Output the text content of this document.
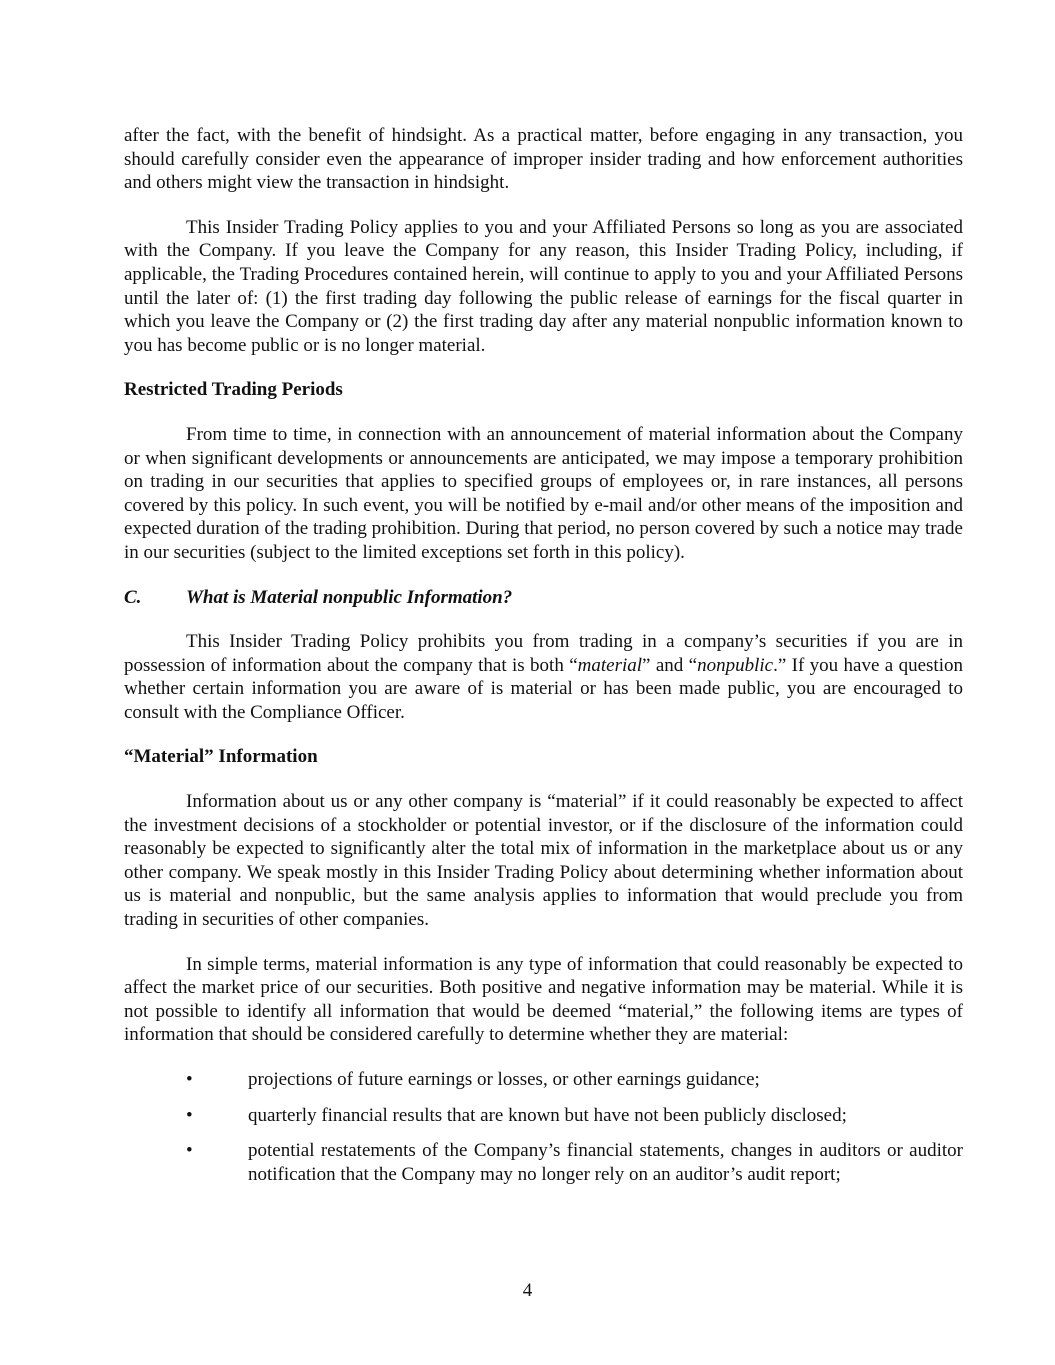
after the fact, with the benefit of hindsight. As a practical matter, before engaging in any transaction, you should carefully consider even the appearance of improper insider trading and how enforcement authorities and others might view the transaction in hindsight.

This Insider Trading Policy applies to you and your Affiliated Persons so long as you are associated with the Company. If you leave the Company for any reason, this Insider Trading Policy, including, if applicable, the Trading Procedures contained herein, will continue to apply to you and your Affiliated Persons until the later of: (1) the first trading day following the public release of earnings for the fiscal quarter in which you leave the Company or (2) the first trading day after any material nonpublic information known to you has become public or is no longer material.

Restricted Trading Periods

From time to time, in connection with an announcement of material information about the Company or when significant developments or announcements are anticipated, we may impose a temporary prohibition on trading in our securities that applies to specified groups of employees or, in rare instances, all persons covered by this policy. In such event, you will be notified by e-mail and/or other means of the imposition and expected duration of the trading prohibition. During that period, no person covered by such a notice may trade in our securities (subject to the limited exceptions set forth in this policy).

C.	What is Material nonpublic Information?

This Insider Trading Policy prohibits you from trading in a company’s securities if you are in possession of information about the company that is both “material” and “nonpublic.” If you have a question whether certain information you are aware of is material or has been made public, you are encouraged to consult with the Compliance Officer.

“Material” Information

Information about us or any other company is “material” if it could reasonably be expected to affect the investment decisions of a stockholder or potential investor, or if the disclosure of the information could reasonably be expected to significantly alter the total mix of information in the marketplace about us or any other company. We speak mostly in this Insider Trading Policy about determining whether information about us is material and nonpublic, but the same analysis applies to information that would preclude you from trading in securities of other companies.

In simple terms, material information is any type of information that could reasonably be expected to affect the market price of our securities. Both positive and negative information may be material. While it is not possible to identify all information that would be deemed “material,” the following items are types of information that should be considered carefully to determine whether they are material:

•	projections of future earnings or losses, or other earnings guidance;
•	quarterly financial results that are known but have not been publicly disclosed;
•	potential restatements of the Company’s financial statements, changes in auditors or auditor notification that the Company may no longer rely on an auditor’s audit report;
4
